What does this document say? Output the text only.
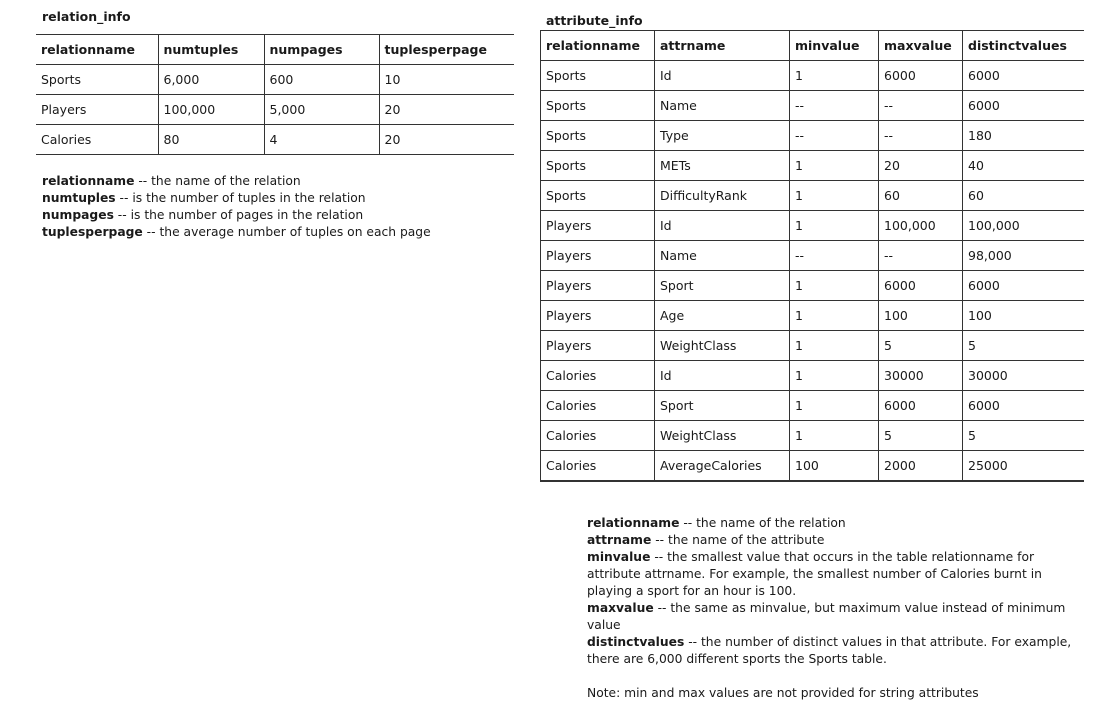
relation_info
relationname	numtuples	numpages	tuplesperpage
Sports	6,000	600	10
Players	100,000	5,000	20
Calories	80	4	20

relationname -- the name of the relation

numtuples -- is the number of tuples in the relation

numpages -- is the number of pages in the relation

tuplesperpage -- the average number of tuples on each page

attribute_info
relationname	attrname	minvalue	maxvalue	distinctvalues
Sports	Id	1	6000	6000
Sports	Name	--	--	6000
Sports	Type	--	--	180
Sports	METs	1	20	40
Sports	DifficultyRank	1	60	60
Players	Id	1	100,000	100,000
Players	Name	--	--	98,000
Players	Sport	1	6000	6000
Players	Age	1	100	100
Players	WeightClass	1	5	5
Calories	Id	1	30000	30000
Calories	Sport	1	6000	6000
Calories	WeightClass	1	5	5
Calories	AverageCalories	100	2000	25000

relationname -- the name of the relation

attrname -- the name of the attribute

minvalue -- the smallest value that occurs in the table relationname for attribute attrname. For example, the smallest number of Calories burnt in playing a sport for an hour is 100.

maxvalue -- the same as minvalue, but maximum value instead of minimum value

distinctvalues -- the number of distinct values in that attribute. For example, there are 6,000 different sports the Sports table.

Note: min and max values are not provided for string attributes
